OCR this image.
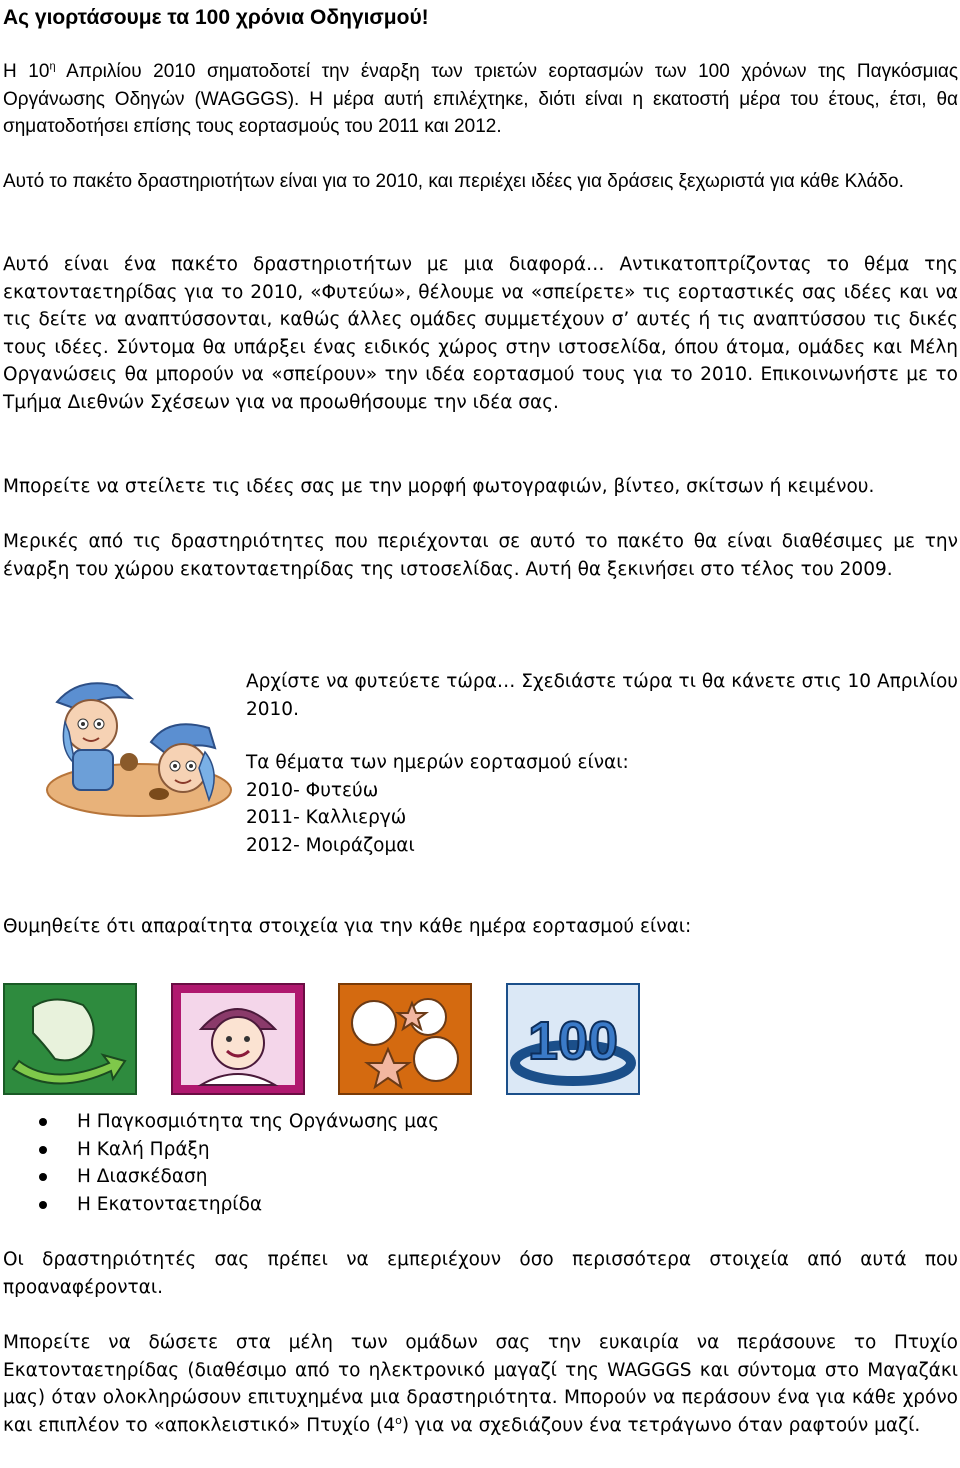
Ας γιορτάσουμε τα 100 χρόνια Οδηγισμού!

Η $10^\eta$ Απριλίου 2010 σηματοδοτεί την έναρξη των τριετών εορτασμών των 100 χρόνων της Παγκόσμιας Οργάνωσης Οδηγών (WAGGGS). Η μέρα αυτή επιλέχτηκε, διότι είναι η εκατοστή μέρα του έτους, έτσι, θα σηματοδοτήσει επίσης τους εορτασμούς του 2011 και 2012.

Αυτό το πακέτο δραστηριοτήτων είναι για το 2010, και περιέχει ιδέες για δράσεις ξεχωριστά για κάθε Κλάδο.

Αυτό είναι ένα πακέτο δραστηριοτήτων με μια διαφορά… Αντικατοπτρίζοντας το θέμα της εκατονταετηρίδας για το 2010, «Φυτεύω», θέλουμε να «σπείρετε» τις εορταστικές σας ιδέες και να τις δείτε να αναπτύσσονται, καθώς άλλες ομάδες συμμετέχουν σ’ αυτές ή τις αναπτύσσου τις δικές τους ιδέες. Σύντομα θα υπάρξει ένας ειδικός χώρος στην ιστοσελίδα, όπου άτομα, ομάδες και Μέλη Οργανώσεις θα μπορούν να «σπείρουν» την ιδέα εορτασμού τους για το 2010. Επικοινωνήστε με το Τμήμα Διεθνών Σχέσεων για να προωθήσουμε την ιδέα σας.

Μπορείτε να στείλετε τις ιδέες σας με την μορφή φωτογραφιών, βίντεο, σκίτσων ή κειμένου.

Μερικές από τις δραστηριότητες που περιέχονται σε αυτό το πακέτο θα είναι διαθέσιμες με την έναρξη του χώρου εκατονταετηρίδας της ιστοσελίδας. Αυτή θα ξεκινήσει στο τέλος του 2009.

Αρχίστε να φυτεύετε τώρα… Σχεδιάστε τώρα τι θα κάνετε στις 10 Απριλίου 2010.

Τα θέματα των ημερών εορτασμού είναι:
2010- Φυτεύω
2011- Καλλιεργώ
2012- Μοιράζομαι

Θυμηθείτε ότι απαραίτητα στοιχεία για την κάθε ημέρα εορτασμού είναι:

100
Η Παγκοσμιότητα της Οργάνωσης μας
Η Καλή Πράξη
Η Διασκέδαση
Η Εκατονταετηρίδα

Οι δραστηριότητές σας πρέπει να εμπεριέχουν όσο περισσότερα στοιχεία από αυτά που προαναφέρονται.

Μπορείτε να δώσετε στα μέλη των ομάδων σας την ευκαιρία να περάσουνε το Πτυχίο Εκατονταετηρίδας (διαθέσιμο από το ηλεκτρονικό μαγαζί της WAGGGS και σύντομα στο Μαγαζάκι μας) όταν ολοκληρώσουν επιτυχημένα μια δραστηριότητα. Μπορούν να περάσουν ένα για κάθε χρόνο και επιπλέον το «αποκλειστικό» Πτυχίο $(4^o)$ για να σχεδιάζουν ένα τετράγωνο όταν ραφτούν μαζί.
